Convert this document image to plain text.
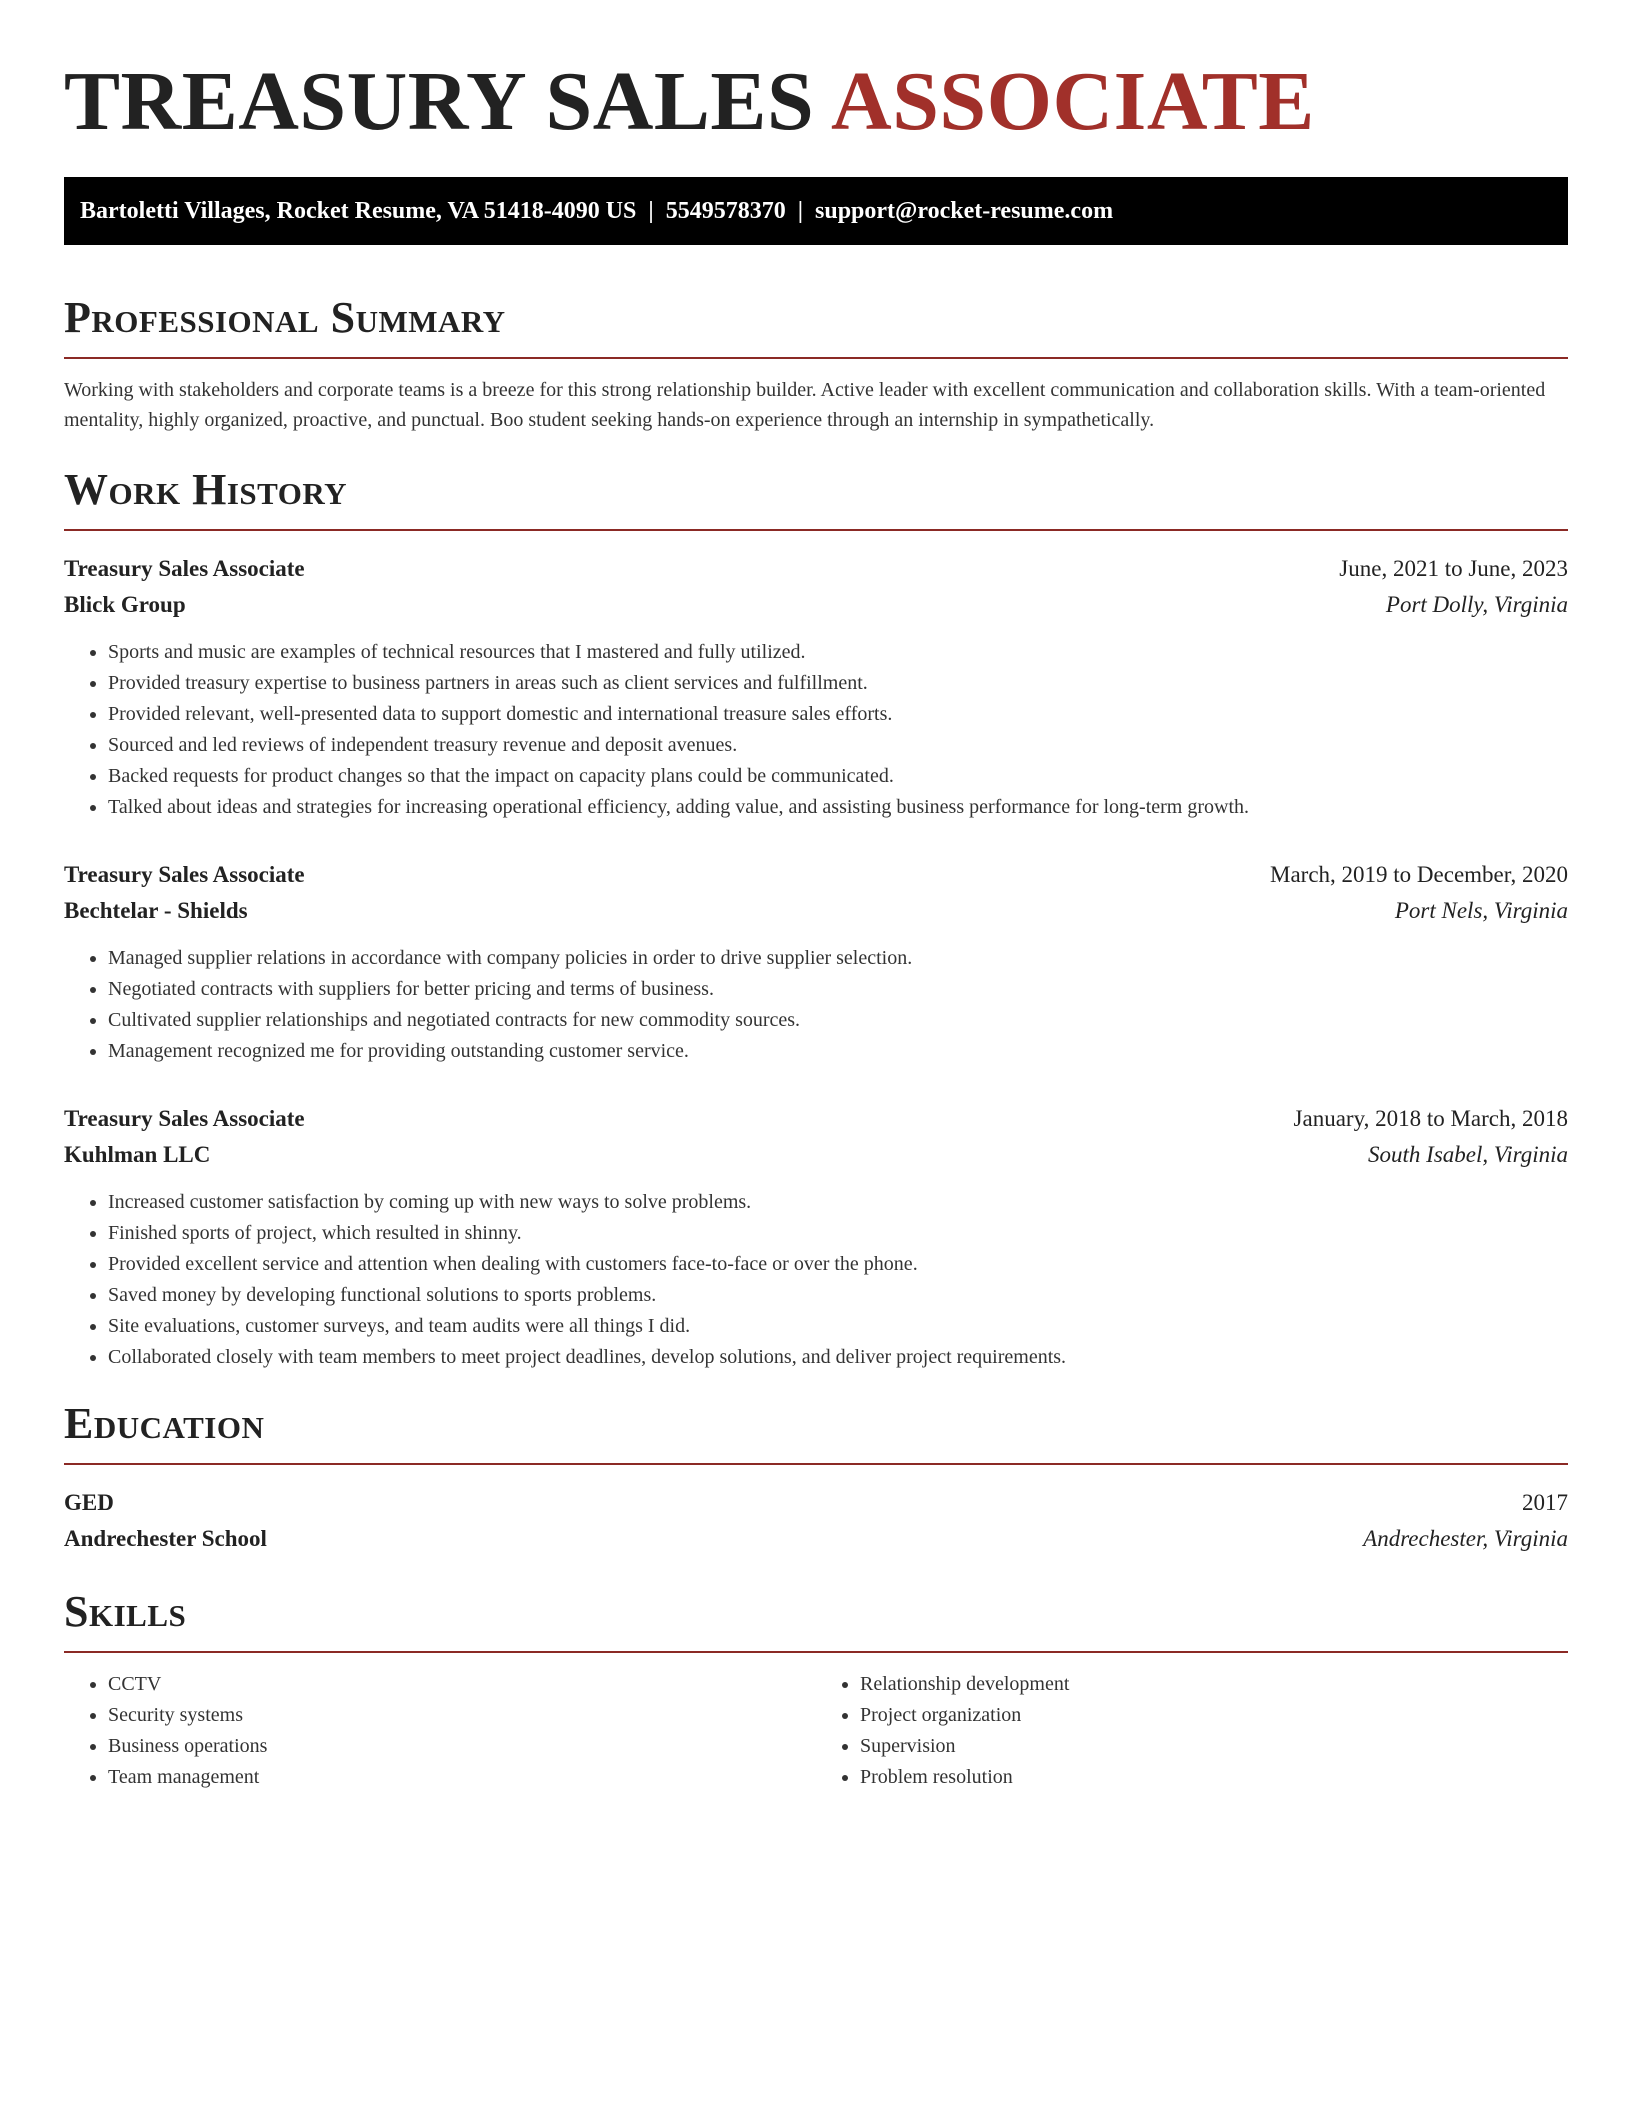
TREASURY SALES ASSOCIATE
Bartoletti Villages, Rocket Resume, VA 51418-4090 US | 5549578370 | support@rocket-resume.com
Professional Summary

Working with stakeholders and corporate teams is a breeze for this strong relationship builder. Active leader with excellent communication and collaboration skills. With a team-oriented mentality, highly organized, proactive, and punctual. Boo student seeking hands-on experience through an internship in sympathetically.

Work History
Treasury Sales Associate	June, 2021 to June, 2023
Blick Group	Port Dolly, Virginia
• Sports and music are examples of technical resources that I mastered and fully utilized.
• Provided treasury expertise to business partners in areas such as client services and fulfillment.
• Provided relevant, well-presented data to support domestic and international treasure sales efforts.
• Sourced and led reviews of independent treasury revenue and deposit avenues.
• Backed requests for product changes so that the impact on capacity plans could be communicated.
• Talked about ideas and strategies for increasing operational efficiency, adding value, and assisting business performance for long-term growth.
Treasury Sales Associate	March, 2019 to December, 2020
Bechtelar - Shields	Port Nels, Virginia
• Managed supplier relations in accordance with company policies in order to drive supplier selection.
• Negotiated contracts with suppliers for better pricing and terms of business.
• Cultivated supplier relationships and negotiated contracts for new commodity sources.
• Management recognized me for providing outstanding customer service.
Treasury Sales Associate	January, 2018 to March, 2018
Kuhlman LLC	South Isabel, Virginia
• Increased customer satisfaction by coming up with new ways to solve problems.
• Finished sports of project, which resulted in shinny.
• Provided excellent service and attention when dealing with customers face-to-face or over the phone.
• Saved money by developing functional solutions to sports problems.
• Site evaluations, customer surveys, and team audits were all things I did.
• Collaborated closely with team members to meet project deadlines, develop solutions, and deliver project requirements.
Education
GED	2017
Andrechester School	Andrechester, Virginia
Skills
• CCTV
• Security systems
• Business operations
• Team management
• Relationship development
• Project organization
• Supervision
• Problem resolution
